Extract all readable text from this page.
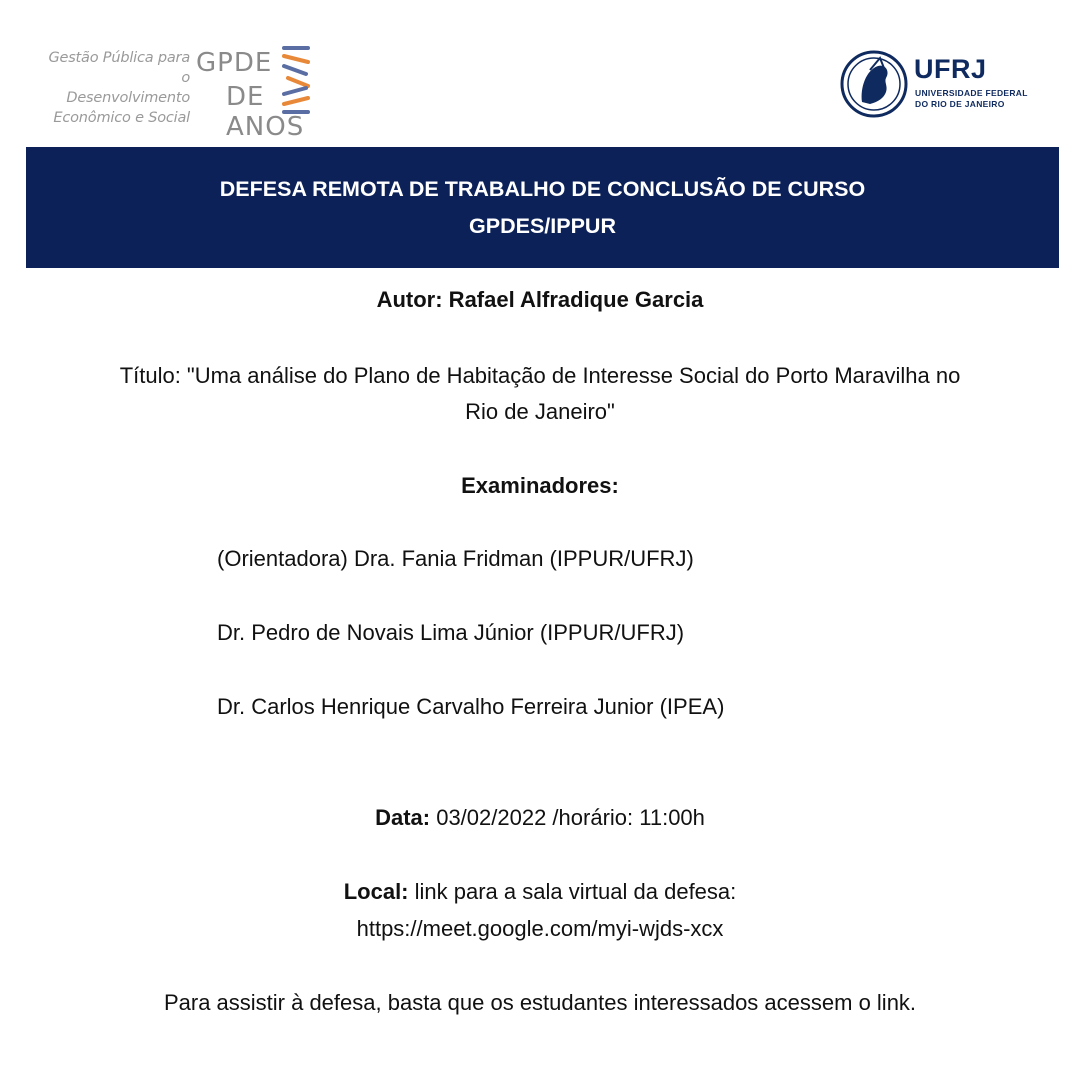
Gestão Pública para o
Desenvolvimento
Econômico e Social
GPDE
DEANOS
UFRJ
UNIVERSIDADE FEDERAL
DO RIO DE JANEIRO
DEFESA REMOTA DE TRABALHO DE CONCLUSÃO DE CURSO
GPDES/IPPUR
Autor: Rafael Alfradique Garcia
Título: "Uma análise do Plano de Habitação de Interesse Social do Porto Maravilha no
Rio de Janeiro"
Examinadores:
(Orientadora) Dra. Fania Fridman (IPPUR/UFRJ)
Dr. Pedro de Novais Lima Júnior (IPPUR/UFRJ)
Dr. Carlos Henrique Carvalho Ferreira Junior (IPEA)
Data: 03/02/2022 /horário: 11:00h
Local: link para a sala virtual da defesa:
https://meet.google.com/myi-wjds-xcx
Para assistir à defesa, basta que os estudantes interessados acessem o link.
